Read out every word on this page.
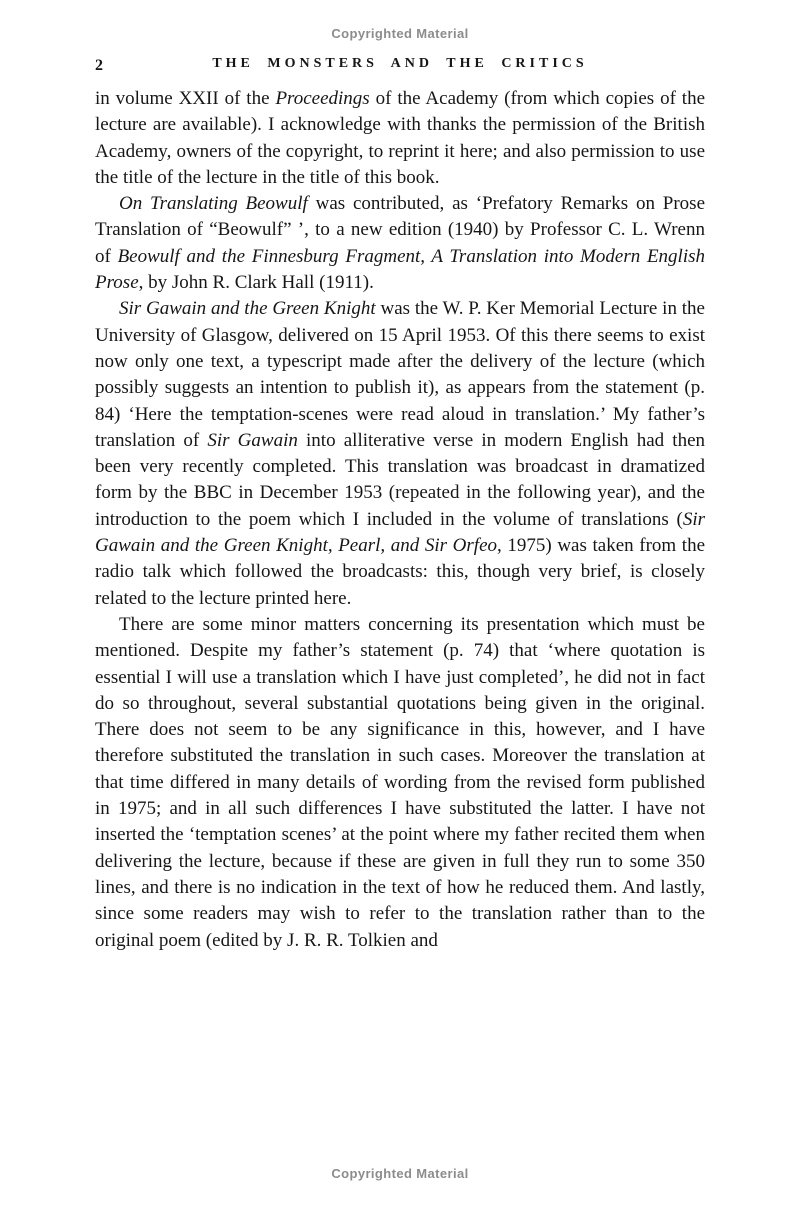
Copyrighted Material
2	THE MONSTERS AND THE CRITICS

in volume XXII of the Proceedings of the Academy (from which copies of the lecture are available). I acknowledge with thanks the permission of the British Academy, owners of the copyright, to reprint it here; and also permission to use the title of the lecture in the title of this book.

On Translating Beowulf was contributed, as ‘Prefatory Remarks on Prose Translation of “Beowulf” ’, to a new edition (1940) by Professor C. L. Wrenn of Beowulf and the Finnesburg Fragment, A Translation into Modern English Prose, by John R. Clark Hall (1911).

Sir Gawain and the Green Knight was the W. P. Ker Memorial Lecture in the University of Glasgow, delivered on 15 April 1953. Of this there seems to exist now only one text, a typescript made after the delivery of the lecture (which possibly suggests an intention to publish it), as appears from the statement (p. 84) ‘Here the temptation-scenes were read aloud in translation.’ My father’s translation of Sir Gawain into alliterative verse in modern English had then been very recently completed. This translation was broadcast in dramatized form by the BBC in December 1953 (repeated in the following year), and the introduction to the poem which I included in the volume of translations (Sir Gawain and the Green Knight, Pearl, and Sir Orfeo, 1975) was taken from the radio talk which followed the broadcasts: this, though very brief, is closely related to the lecture printed here.

There are some minor matters concerning its presentation which must be mentioned. Despite my father’s statement (p. 74) that ‘where quotation is essential I will use a translation which I have just completed’, he did not in fact do so throughout, several substantial quotations being given in the original. There does not seem to be any significance in this, however, and I have therefore substituted the translation in such cases. Moreover the translation at that time differed in many details of wording from the revised form published in 1975; and in all such differences I have substituted the latter. I have not inserted the ‘temptation scenes’ at the point where my father recited them when delivering the lecture, because if these are given in full they run to some 350 lines, and there is no indication in the text of how he reduced them. And lastly, since some readers may wish to refer to the translation rather than to the original poem (edited by J. R. R. Tolkien and

Copyrighted Material
